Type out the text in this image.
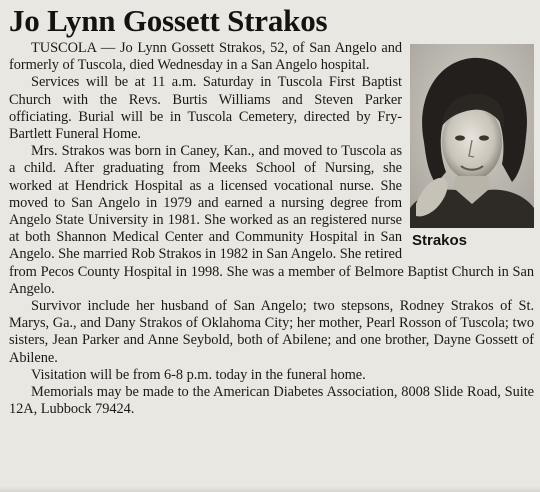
Jo Lynn Gossett Strakos
Strakos

TUSCOLA — Jo Lynn Gossett Strakos, 52, of San Angelo and formerly of Tuscola, died Wednesday in a San Angelo hospital.

Services will be at 11 a.m. Saturday in Tuscola First Baptist Church with the Revs. Burtis Williams and Steven Parker officiating. Burial will be in Tuscola Cemetery, directed by Fry-Bartlett Funeral Home.

Mrs. Strakos was born in Caney, Kan., and moved to Tuscola as a child. After graduating from Meeks School of Nursing, she worked at Hendrick Hospital as a licensed vocational nurse. She moved to San Angelo in 1979 and earned a nursing degree from Angelo State University in 1981. She worked as an registered nurse at both Shannon Medical Center and Community Hospital in San Angelo. She married Rob Strakos in 1982 in San Angelo. She retired from Pecos County Hospital in 1998. She was a member of Belmore Baptist Church in San Angelo.

Survivor include her husband of San Angelo; two stepsons, Rodney Strakos of St. Marys, Ga., and Dany Strakos of Oklahoma City; her mother, Pearl Rosson of Tuscola; two sisters, Jean Parker and Anne Seybold, both of Abilene; and one brother, Dayne Gossett of Abilene.

Visitation will be from 6-8 p.m. today in the funeral home.

Memorials may be made to the American Diabetes Association, 8008 Slide Road, Suite 12A, Lubbock 79424.
